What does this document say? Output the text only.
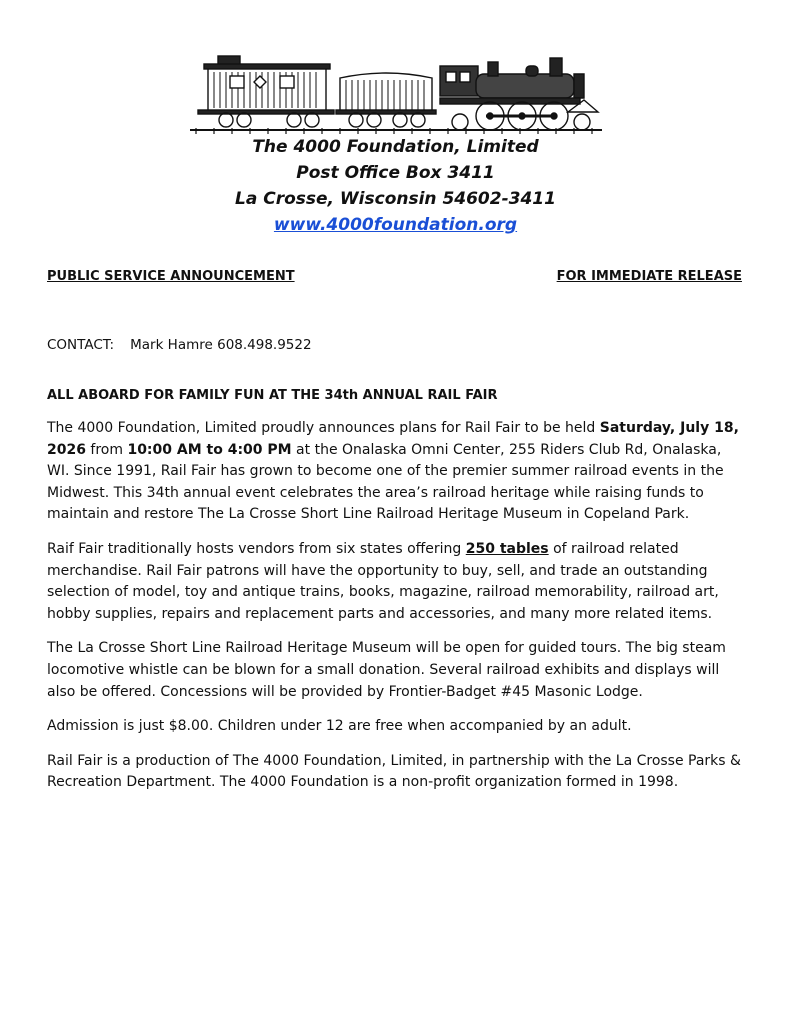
The 4000 Foundation, Limited
Post Office Box 3411
La Crosse, Wisconsin 54602-3411
www.4000foundation.org
PUBLIC SERVICE ANNOUNCEMENT	FOR IMMEDIATE RELEASE
CONTACT: Mark Hamre 608.498.9522
ALL ABOARD FOR FAMILY FUN AT THE 34th ANNUAL RAIL FAIR

The 4000 Foundation, Limited proudly announces plans for Rail Fair to be held Saturday, July 18, 2026 from 10:00 AM to 4:00 PM at the Onalaska Omni Center, 255 Riders Club Rd, Onalaska, WI. Since 1991, Rail Fair has grown to become one of the premier summer railroad events in the Midwest. This 34th annual event celebrates the area’s railroad heritage while raising funds to maintain and restore The La Crosse Short Line Railroad Heritage Museum in Copeland Park.

Raif Fair traditionally hosts vendors from six states offering 250 tables of railroad related merchandise. Rail Fair patrons will have the opportunity to buy, sell, and trade an outstanding selection of model, toy and antique trains, books, magazine, railroad memorability, railroad art, hobby supplies, repairs and replacement parts and accessories, and many more related items.

The La Crosse Short Line Railroad Heritage Museum will be open for guided tours. The big steam locomotive whistle can be blown for a small donation. Several railroad exhibits and displays will also be offered. Concessions will be provided by Frontier-Badget #45 Masonic Lodge.

Admission is just $8.00. Children under 12 are free when accompanied by an adult.

Rail Fair is a production of The 4000 Foundation, Limited, in partnership with the La Crosse Parks & Recreation Department. The 4000 Foundation is a non-profit organization formed in 1998.
